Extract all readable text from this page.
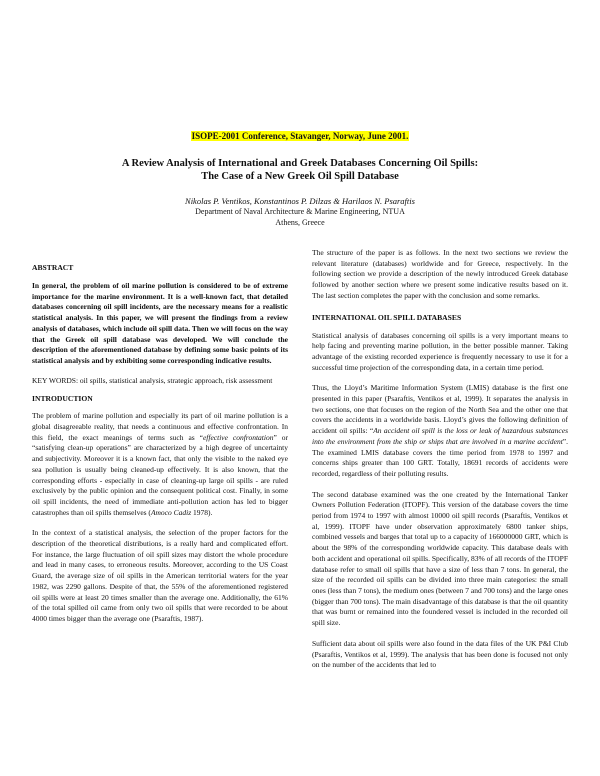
ISOPE-2001 Conference, Stavanger, Norway, June 2001.
A Review Analysis of International and Greek Databases Concerning Oil Spills:
The Case of a New Greek Oil Spill Database
Nikolas P. Ventikos, Konstantinos P. Dilzas & Harilaos N. Psaraftis
Department of Naval Architecture & Marine Engineering, NTUA
Athens, Greece
ABSTRACT

In general, the problem of oil marine pollution is considered to be of extreme importance for the marine environment. It is a well-known fact, that detailed databases concerning oil spill incidents, are the necessary means for a realistic statistical analysis. In this paper, we will present the findings from a review analysis of databases, which include oil spill data. Then we will focus on the way that the Greek oil spill database was developed. We will conclude the description of the aforementioned database by defining some basic points of its statistical analysis and by exhibiting some corresponding indicative results.

KEY WORDS: oil spills, statistical analysis, strategic approach, risk assessment

INTRODUCTION

The problem of marine pollution and especially its part of oil marine pollution is a global disagreeable reality, that needs a continuous and effective confrontation. In this field, the exact meanings of terms such as “effective confrontation” or “satisfying clean-up operations” are characterized by a high degree of uncertainty and subjectivity. Moreover it is a known fact, that only the visible to the naked eye sea pollution is usually being cleaned-up effectively. It is also known, that the corresponding efforts - especially in case of cleaning-up large oil spills - are ruled exclusively by the public opinion and the consequent political cost. Finally, in some oil spill incidents, the need of immediate anti-pollution action has led to bigger catastrophes than oil spills themselves (Amoco Cadiz 1978).

In the context of a statistical analysis, the selection of the proper factors for the description of the theoretical distributions, is a really hard and complicated effort. For instance, the large fluctuation of oil spill sizes may distort the whole procedure and lead in many cases, to erroneous results. Moreover, according to the US Coast Guard, the average size of oil spills in the American territorial waters for the year 1982, was 2290 gallons. Despite of that, the 55% of the aforementioned registered oil spills were at least 20 times smaller than the average one. Additionally, the 61% of the total spilled oil came from only two oil spills that were recorded to be about 4000 times bigger than the average one (Psaraftis, 1987).

The structure of the paper is as follows. In the next two sections we review the relevant literature (databases) worldwide and for Greece, respectively. In the following section we provide a description of the newly introduced Greek database followed by another section where we present some indicative results based on it. The last section completes the paper with the conclusion and some remarks.

INTERNATIONAL OIL SPILL DATABASES

Statistical analysis of databases concerning oil spills is a very important means to help facing and preventing marine pollution, in the better possible manner. Taking advantage of the existing recorded experience is frequently necessary to use it for a successful time projection of the corresponding data, in a certain time period.

Thus, the Lloyd’s Maritime Information System (LMIS) database is the first one presented in this paper (Psaraftis, Ventikos et al, 1999). It separates the analysis in two sections, one that focuses on the region of the North Sea and the other one that covers the accidents in a worldwide basis. Lloyd’s gives the following definition of accident oil spills: “An accident oil spill is the loss or leak of hazardous substances into the environment from the ship or ships that are involved in a marine accident”. The examined LMIS database covers the time period from 1978 to 1997 and concerns ships greater than 100 GRT. Totally, 18691 records of accidents were recorded, regardless of their polluting results.

The second database examined was the one created by the International Tanker Owners Pollution Federation (ITOPF). This version of the database covers the time period from 1974 to 1997 with almost 10000 oil spill records (Psaraftis, Ventikos et al, 1999). ITOPF have under observation approximately 6800 tanker ships, combined vessels and barges that total up to a capacity of 166000000 GRT, which is about the 98% of the corresponding worldwide capacity. This database deals with both accident and operational oil spills. Specifically, 83% of all records of the ITOPF database refer to small oil spills that have a size of less than 7 tons. In general, the size of the recorded oil spills can be divided into three main categories: the small ones (less than 7 tons), the medium ones (between 7 and 700 tons) and the large ones (bigger than 700 tons). The main disadvantage of this database is that the oil quantity that was burnt or remained into the foundered vessel is included in the recorded oil spill size.

Sufficient data about oil spills were also found in the data files of the UK P&I Club (Psaraftis, Ventikos et al, 1999). The analysis that has been done is focused not only on the number of the accidents that led to
